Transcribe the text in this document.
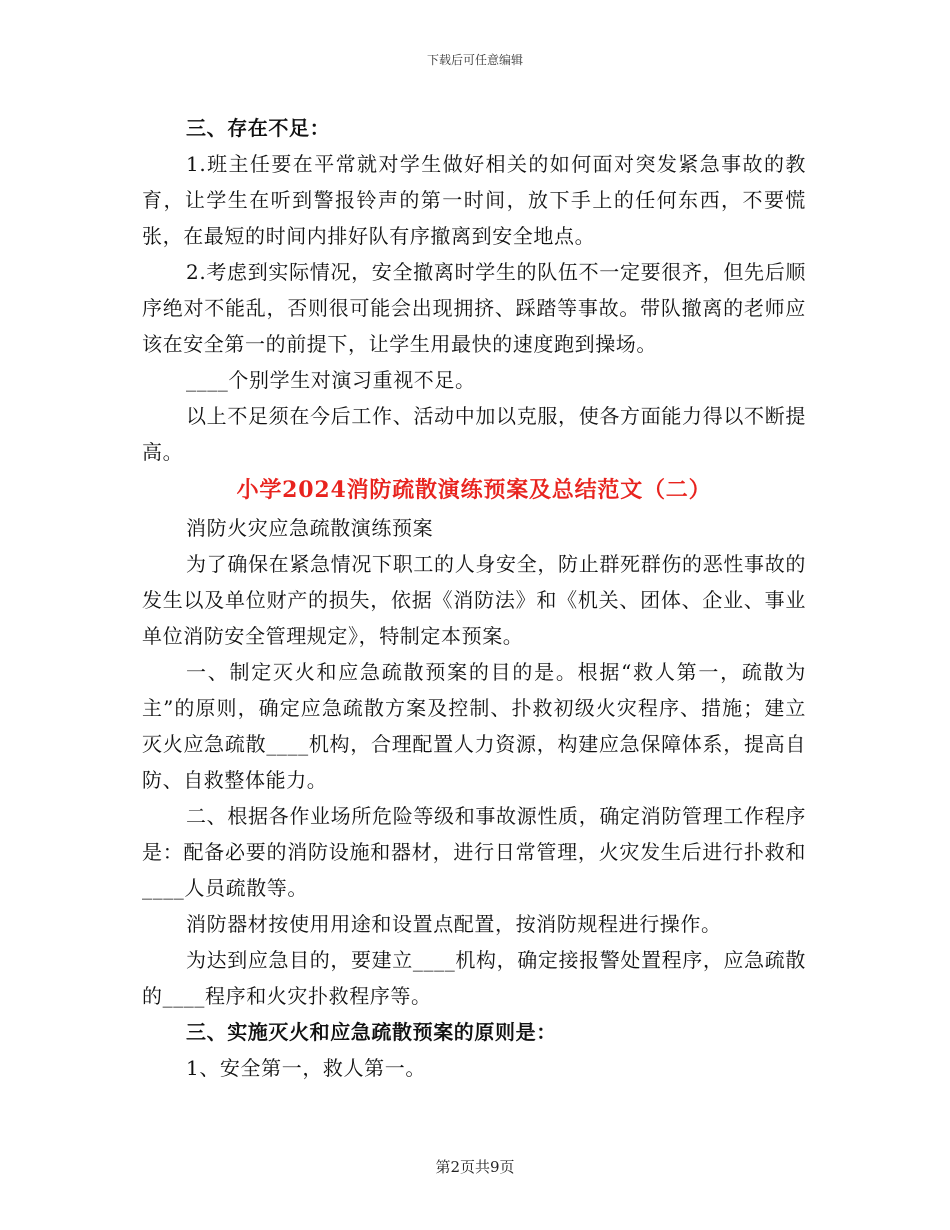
下载后可任意编辑

三、存在不足：

1.班主任要在平常就对学生做好相关的如何面对突发紧急事故的教育，让学生在听到警报铃声的第一时间，放下手上的任何东西，不要慌张，在最短的时间内排好队有序撤离到安全地点。

2.考虑到实际情况，安全撤离时学生的队伍不一定要很齐，但先后顺序绝对不能乱，否则很可能会出现拥挤、踩踏等事故。带队撤离的老师应该在安全第一的前提下，让学生用最快的速度跑到操场。

____个别学生对演习重视不足。

以上不足须在今后工作、活动中加以克服，使各方面能力得以不断提高。

小学2024消防疏散演练预案及总结范文（二）

消防火灾应急疏散演练预案

为了确保在紧急情况下职工的人身安全，防止群死群伤的恶性事故的发生以及单位财产的损失，依据《消防法》和《机关、团体、企业、事业单位消防安全管理规定》，特制定本预案。

一、制定灭火和应急疏散预案的目的是。根据“救人第一，疏散为主”的原则，确定应急疏散方案及控制、扑救初级火灾程序、措施；建立灭火应急疏散____机构，合理配置人力资源，构建应急保障体系，提高自防、自救整体能力。

二、根据各作业场所危险等级和事故源性质，确定消防管理工作程序是：配备必要的消防设施和器材，进行日常管理，火灾发生后进行扑救和____人员疏散等。

消防器材按使用用途和设置点配置，按消防规程进行操作。

为达到应急目的，要建立____机构，确定接报警处置程序，应急疏散的____程序和火灾扑救程序等。

三、实施灭火和应急疏散预案的原则是：

1、安全第一，救人第一。

第2页共9页
